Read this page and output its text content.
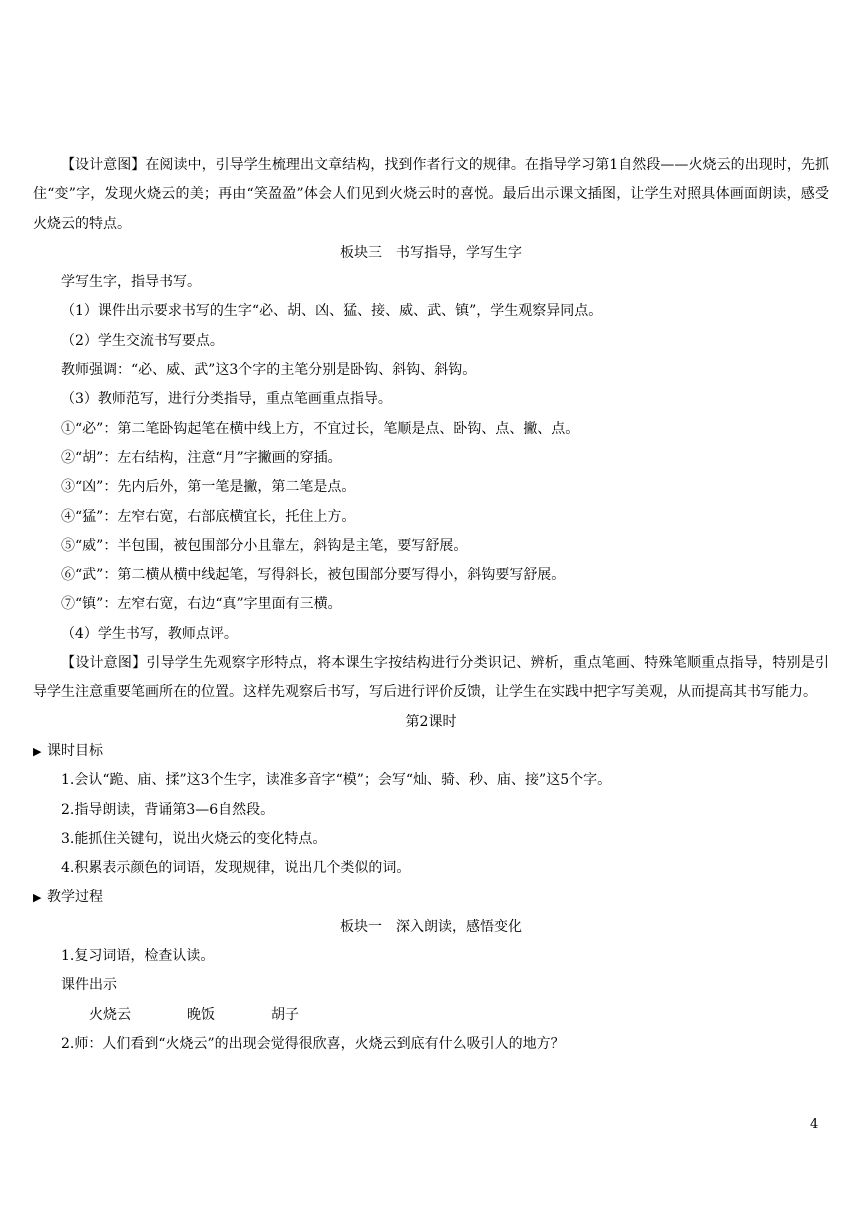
【设计意图】在阅读中，引导学生梳理出文章结构，找到作者行文的规律。在指导学习第1自然段——火烧云的出现时，先抓住“变”字，发现火烧云的美；再由“笑盈盈”体会人们见到火烧云时的喜悦。最后出示课文插图，让学生对照具体画面朗读，感受火烧云的特点。

板块三　书写指导，学写生字

学写生字，指导书写。

（1）课件出示要求书写的生字“必、胡、凶、猛、接、威、武、镇”，学生观察异同点。

（2）学生交流书写要点。

教师强调：“必、威、武”这3个字的主笔分别是卧钩、斜钩、斜钩。

（3）教师范写，进行分类指导，重点笔画重点指导。

①“必”：第二笔卧钩起笔在横中线上方，不宜过长，笔顺是点、卧钩、点、撇、点。

②“胡”：左右结构，注意“月”字撇画的穿插。

③“凶”：先内后外，第一笔是撇，第二笔是点。

④“猛”：左窄右宽，右部底横宜长，托住上方。

⑤“威”：半包围，被包围部分小且靠左，斜钩是主笔，要写舒展。

⑥“武”：第二横从横中线起笔，写得斜长，被包围部分要写得小，斜钩要写舒展。

⑦“镇”：左窄右宽，右边“真”字里面有三横。

（4）学生书写，教师点评。

【设计意图】引导学生先观察字形特点，将本课生字按结构进行分类识记、辨析，重点笔画、特殊笔顺重点指导，特别是引导学生注意重要笔画所在的位置。这样先观察后书写，写后进行评价反馈，让学生在实践中把字写美观，从而提高其书写能力。

第2课时

▶ 课时目标

1.会认“跪、庙、揉”这3个生字，读准多音字“模”；会写“灿、骑、秒、庙、接”这5个字。

2.指导朗读，背诵第3—6自然段。

3.能抓住关键句，说出火烧云的变化特点。

4.积累表示颜色的词语，发现规律，说出几个类似的词。

▶ 教学过程

板块一　深入朗读，感悟变化

1.复习词语，检查认读。

课件出示

火烧云	晚饭	胡子

2.师：人们看到“火烧云”的出现会觉得很欣喜，火烧云到底有什么吸引人的地方？

4
